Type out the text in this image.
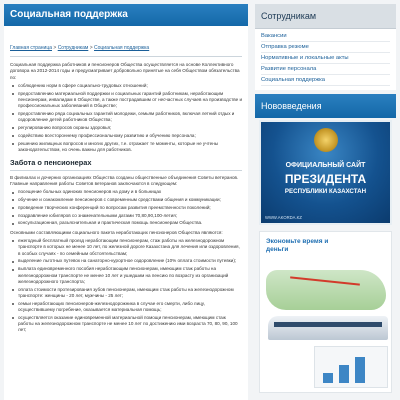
Социальная поддержка
Главная страница > Сотрудникам > Социальная поддержка

Социальная поддержка работников и пенсионеров Общества осуществляется на основе Коллективного договора на 2012-2014 годы и предусматривает добровольно принятые на себя Обществом обязательства по:

соблюдению норм в сфере социально-трудовых отношений;
предоставлению материальной поддержки и социальных гарантий работникам, нерaботающим пенсионерам, инвалидам в Обществе, а также пострадавшим от несчастных случаев на производстве и профессиональных заболеваний в Обществе;
предоставлению ряда социальных гарантий молодежи, семьям работников, включая летний отдых и оздоровление детей работников Общества;
регулированию вопросов охраны здоровья;
содействию всестороннему профессиональному развитию и обучению персонала;
решению жилищных вопросов и многих других, т.е. отражает те моменты, которые не учтены законодательством, но очень важны для работников.
Забота о пенсионерах

В филиалах и дочерних организациях Общества созданы общественные объединения Советы ветеранов. Главные направления работы Советов ветеранов заключаются в следующем:

посещение больных одиноких пенсионеров на дому и в больницах
обучение и ознакомление пенсионеров с современным средствами общения и коммуникации;
проведение творческих конференций по вопросам развития преемственности поколений;
поздравление юбиляров со знаменательными датами 70,80,90,100-летия;
консультационная, разъяснительная и практическая помощь пенсионерам Общества.

Основными составляющими социального пакета неработающих пенсионеров Общества являются:

ежегодный бесплатный проезд неработающим пенсионерам, стаж работы на железнодорожном транспорте в которых не менее 10 лет, по железной дороге Казахстана для лечения или оздоровления, в особых случаях - по семейным обстоятельствам;
выделение льготных путевок на санаторно-курортное оздоровление (10% оплата стоимости путевки);
выплата единовременного пособия неработающим пенсионерам, имеющим стаж работы на железнодорожном транспорте не менее 10 лет и ушедшим на пенсию по возрасту из организаций железнодорожного транспорта;
оплата стоимости протезирования зубов пенсионерам, имеющим стаж работы на железнодорожном транспорте: женщины - 20 лет, мужчины - 25 лет;
семьи неработающих пенсионеров-железнодорожника в случае его смерти, либо лицу, осуществившему погребение, оказывается материальная помощь;
осуществляется оказание единовременной материальной помощи пенсионерам, имеющим стаж работы на железнодорожном транспорте не менее 10 лет по достижению ими возраста 70, 80, 90, 100 лет;
Сотрудникам
Вакансии
Отправка резюме
Нормативные и локальные акты
Развитие персонала
Социальная поддержка
Нововведения
ОФИЦИАЛЬНЫЙ САЙТ
ПРЕЗИДЕНТА
РЕСПУБЛИКИ КАЗАХСТАН
WWW.AKORDA.KZ
Экономьте время и деньги
